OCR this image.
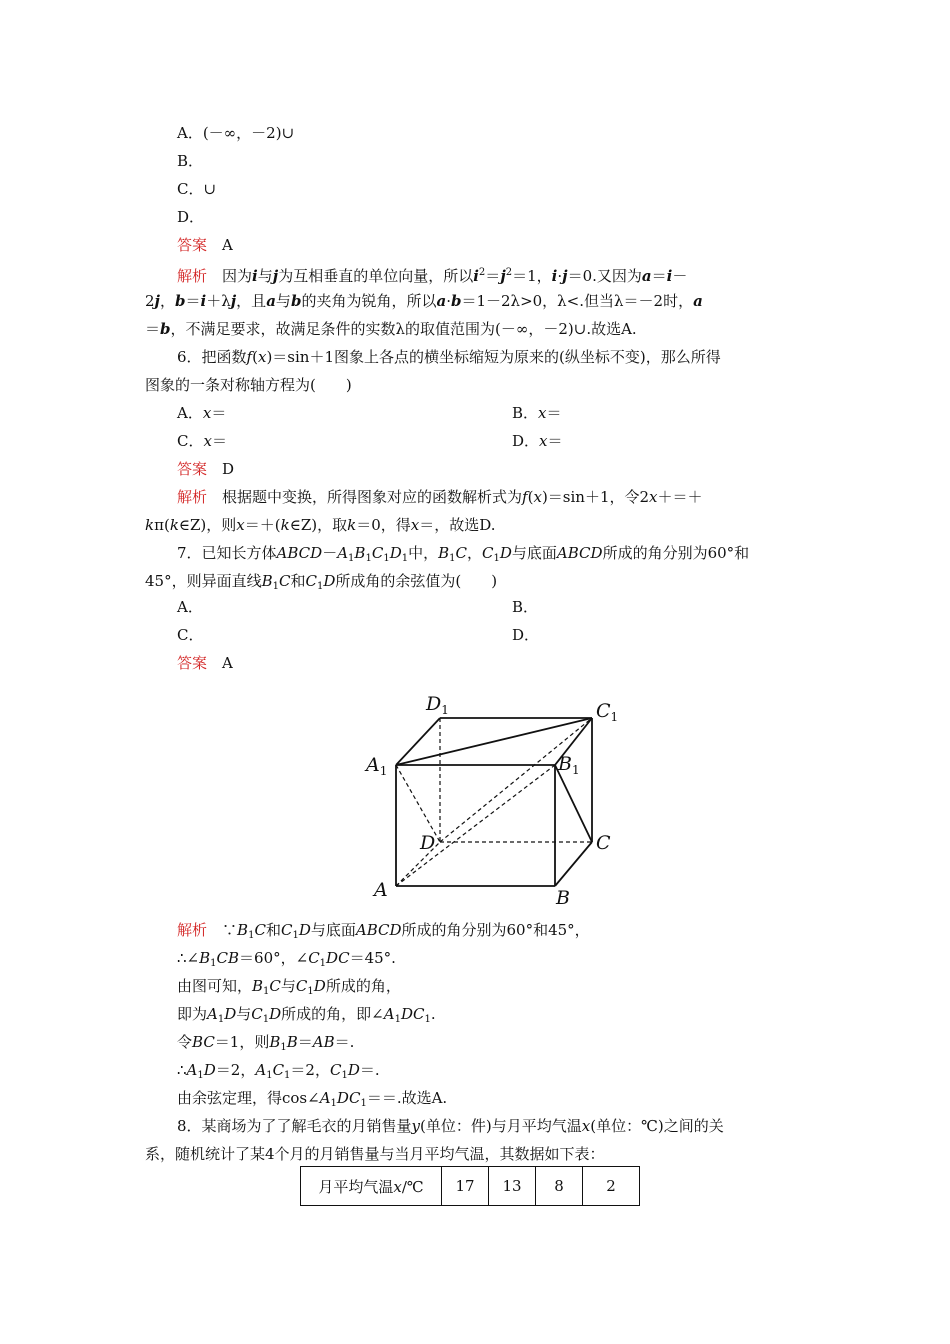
A．(－∞，－2)∪
B．
C．∪
D．
答案　 A
解析　 因为i与j为互相垂直的单位向量，所以$i^2=j^2=1$，i·j＝0.又因为a＝i－
2j，b＝i＋λj，且a与b的夹角为锐角，所以a·b＝1－2λ>0，λ<.但当λ＝－2时，a
＝b，不满足要求，故满足条件的实数λ的取值范围为(－∞，－2)∪.故选A.
6．把函数f(x)＝sin＋1图象上各点的横坐标缩短为原来的(纵坐标不变)，那么所得
图象的一条对称轴方程为(　　)
A．x＝	B．x＝
C．x＝	D．x＝
答案　 D
解析　 根据题中变换，所得图象对应的函数解析式为f(x)＝sin＋1，令2x＋＝＋
kπ(k∈Z)，则x＝＋(k∈Z)，取k＝0，得x＝，故选D.
7．已知长方体$ABCD-A_1B_1C_1D_1$中，$B_1C$，$C_1D$与底面ABCD所成的角分别为60°和
45°，则异面直线$B_1C$和$C_1D$所成角的余弦值为(　　)
A．	B．
C．	D．
答案　 A
$D_1$	$C_1$
$A_1$	$B_1$
D	C
A	B
解析　 $\because B_1C$和$C_1D$与底面ABCD所成的角分别为60°和45°，
$\therefore\angle B_1CB=60^\circ$，$\angle C_1DC=45^\circ$.
由图可知，$B_1C$与$C_1D$所成的角，
即为$A_1D$与$C_1D$所成的角，即$\angle A_1DC_1$.
令BC＝1，则$B_1B=AB=$.
$\therefore A_1D=2$，$A_1C_1=2$，$C_1D=$.
由余弦定理，得$\cos\angle A_1DC_1==$.故选A.
8．某商场为了了解毛衣的月销售量y(单位：件)与月平均气温x(单位：℃)之间的关
系，随机统计了某4个月的月销售量与当月平均气温，其数据如下表：
月平均气温x/℃	17	13	8	2
